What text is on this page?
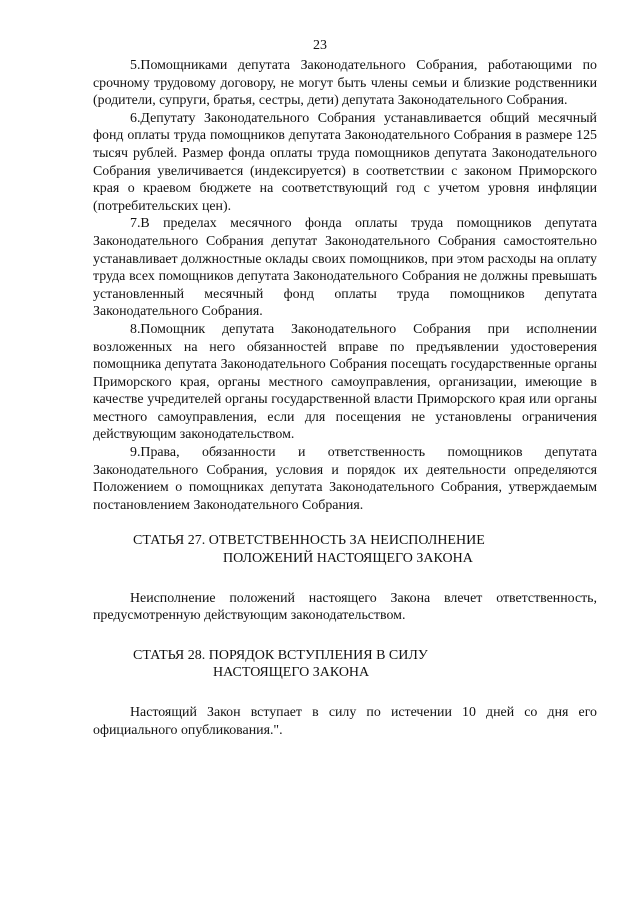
23

5.Помощниками депутата Законодательного Собрания, работающими по срочному трудовому договору, не могут быть члены семьи и близкие родственники (родители, супруги, братья, сестры, дети) депутата Законодательного Собрания.

6.Депутату Законодательного Собрания устанавливается общий месячный фонд оплаты труда помощников депутата Законодательного Собрания в размере 125 тысяч рублей. Размер фонда оплаты труда помощников депутата Законодательного Собрания увеличивается (индексируется) в соответствии с законом Приморского края о краевом бюджете на соответствующий год с учетом уровня инфляции (потребительских цен).

7.В пределах месячного фонда оплаты труда помощников депутата Законодательного Собрания депутат Законодательного Собрания самостоятельно устанавливает должностные оклады своих помощников, при этом расходы на оплату труда всех помощников депутата Законодательного Собрания не должны превышать установленный месячный фонд оплаты труда помощников депутата Законодательного Собрания.

8.Помощник депутата Законодательного Собрания при исполнении возложенных на него обязанностей вправе по предъявлении удостоверения помощника депутата Законодательного Собрания посещать государственные органы Приморского края, органы местного самоуправления, организации, имеющие в качестве учредителей органы государственной власти Приморского края или органы местного самоуправления, если для посещения не установлены ограничения действующим законодательством.

9.Права, обязанности и ответственность помощников депутата Законодательного Собрания, условия и порядок их деятельности определяются Положением о помощниках депутата Законодательного Собрания, утверждаемым постановлением Законодательного Собрания.

СТАТЬЯ 27. ОТВЕТСТВЕННОСТЬ ЗА НЕИСПОЛНЕНИЕ
ПОЛОЖЕНИЙ НАСТОЯЩЕГО ЗАКОНА

Неисполнение положений настоящего Закона влечет ответственность, предусмотренную действующим законодательством.

СТАТЬЯ 28. ПОРЯДОК ВСТУПЛЕНИЯ В СИЛУ
НАСТОЯЩЕГО ЗАКОНА

Настоящий Закон вступает в силу по истечении 10 дней со дня его официального опубликования.".
